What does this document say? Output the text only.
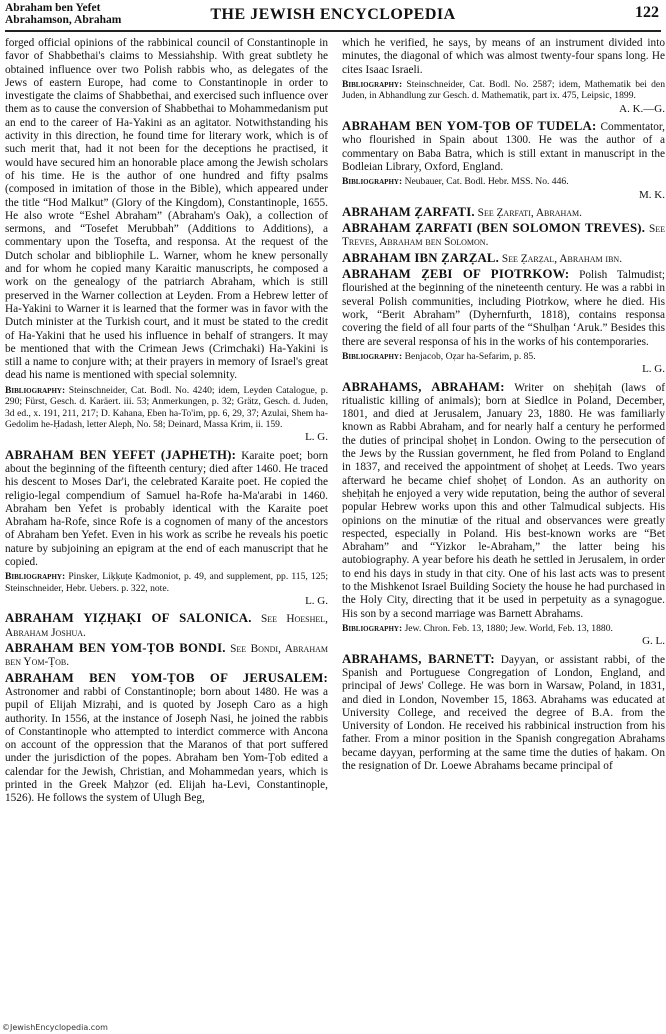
Abraham ben Yefet
Abrahamson, Abraham	THE JEWISH ENCYCLOPEDIA	122

forged official opinions of the rabbinical council of Constantinople in favor of Shabbethai's claims to Messiahship. With great subtlety he obtained influence over two Polish rabbis who, as delegates of the Jews of eastern Europe, had come to Constantinople in order to investigate the claims of Shabbethai, and exercised such influence over them as to cause the conversion of Shabbethai to Mohammedanism put an end to the career of Ha-Yakini as an agitator. Notwithstanding his activity in this direction, he found time for literary work, which is of such merit that, had it not been for the deceptions he practised, it would have secured him an honorable place among the Jewish scholars of his time. He is the author of one hundred and fifty psalms (composed in imitation of those in the Bible), which appeared under the title “Hod Malkut” (Glory of the Kingdom), Constantinople, 1655. He also wrote “Eshel Abraham” (Abraham's Oak), a collection of sermons, and “Tosefet Merubbah” (Additions to Additions), a commentary upon the Tosefta, and responsa. At the request of the Dutch scholar and bibliophile L. Warner, whom he knew personally and for whom he copied many Karaitic manuscripts, he composed a work on the genealogy of the patriarch Abraham, which is still preserved in the Warner collection at Leyden. From a Hebrew letter of Ha-Yakini to Warner it is learned that the former was in favor with the Dutch minister at the Turkish court, and it must be stated to the credit of Ha-Yakini that he used his influence in behalf of strangers. It may be mentioned that with the Crimean Jews (Crimchaki) Ha-Yakini is still a name to conjure with; at their prayers in memory of Israel's great dead his name is mentioned with special solemnity.

Bibliography: Steinschneider, Cat. Bodl. No. 4240; idem, Leyden Catalogue, p. 290; Fürst, Gesch. d. Karäert. iii. 53; Anmerkungen, p. 32; Grätz, Gesch. d. Juden, 3d ed., x. 191, 211, 217; D. Kahana, Eben ha-To'im, pp. 6, 29, 37; Azulai, Shem ha-Gedolim he-Ḥadash, letter Aleph, No. 58; Deinard, Massa Krim, ii. 159.

L. G.

ABRAHAM BEN YEFET (JAPHETH): Karaite poet; born about the beginning of the fifteenth century; died after 1460. He traced his descent to Moses Dar'i, the celebrated Karaite poet. He copied the religio-legal compendium of Samuel ha-Rofe ha-Ma'arabi in 1460. Abraham ben Yefet is probably identical with the Karaite poet Abraham ha-Rofe, since Rofe is a cognomen of many of the ancestors of Abraham ben Yefet. Even in his work as scribe he reveals his poetic nature by subjoining an epigram at the end of each manuscript that he copied.

Bibliography: Pinsker, Liḳḳuṭe Ḳadmoniot, p. 49, and supplement, pp. 115, 125; Steinschneider, Hebr. Uebers. p. 322, note.

L. G.

ABRAHAM YIẒḤAḲI OF SALONICA. See Hoeshel, Abraham Joshua.

ABRAHAM BEN YOM-ṬOB BONDI. See Bondi, Abraham ben Yom-Ṭob.

ABRAHAM BEN YOM-ṬOB OF JERUSALEM: Astronomer and rabbi of Constantinople; born about 1480. He was a pupil of Elijah Mizraḥi, and is quoted by Joseph Caro as a high authority. In 1556, at the instance of Joseph Nasi, he joined the rabbis of Constantinople who attempted to interdict commerce with Ancona on account of the oppression that the Maranos of that port suffered under the jurisdiction of the popes. Abraham ben Yom-Ṭob edited a calendar for the Jewish, Christian, and Mohammedan years, which is printed in the Greek Maḥzor (ed. Elijah ha-Levi, Constantinople, 1526). He follows the system of Ulugh Beg,

which he verified, he says, by means of an instrument divided into minutes, the diagonal of which was almost twenty-four spans long. He cites Isaac Israeli.

Bibliography: Steinschneider, Cat. Bodl. No. 2587; idem, Mathematik bei den Juden, in Abhandlung zur Gesch. d. Mathematik, part ix. 475, Leipsic, 1899.

A. K.—G.

ABRAHAM BEN YOM-ṬOB OF TUDELA: Commentator, who flourished in Spain about 1300. He was the author of a commentary on Baba Batra, which is still extant in manuscript in the Bodleian Library, Oxford, England.

Bibliography: Neubauer, Cat. Bodl. Hebr. MSS. No. 446.

M. K.

ABRAHAM ẒARFATI. See Ẓarfati, Abraham.

ABRAHAM ẒARFATI (BEN SOLOMON TREVES). See Treves, Abraham ben Solomon.

ABRAHAM IBN ẒARẒAL. See Ẓarẓal, Abraham ibn.

ABRAHAM ẒEBI OF PIOTRKOW: Polish Talmudist; flourished at the beginning of the nineteenth century. He was a rabbi in several Polish communities, including Piotrkow, where he died. His work, “Berit Abraham” (Dyhernfurth, 1818), contains responsa covering the field of all four parts of the “Shulḥan ‘Aruk.” Besides this there are several responsa of his in the works of his contemporaries.

Bibliography: Benjacob, Oẓar ha-Sefarim, p. 85.

L. G.

ABRAHAMS, ABRAHAM: Writer on sheḥiṭah (laws of ritualistic killing of animals); born at Siedlce in Poland, December, 1801, and died at Jerusalem, January 23, 1880. He was familiarly known as Rabbi Abraham, and for nearly half a century he performed the duties of principal shoḥeṭ in London. Owing to the persecution of the Jews by the Russian government, he fled from Poland to England in 1837, and received the appointment of shoḥeṭ at Leeds. Two years afterward he became chief shoḥeṭ of London. As an authority on sheḥiṭah he enjoyed a very wide reputation, being the author of several popular Hebrew works upon this and other Talmudical subjects. His opinions on the minutiæ of the ritual and observances were greatly respected, especially in Poland. His best-known works are “Bet Abraham” and “Yizkor le-Abraham,” the latter being his autobiography. A year before his death he settled in Jerusalem, in order to end his days in study in that city. One of his last acts was to present to the Mishkenot Israel Building Society the house he had purchased in the Holy City, directing that it be used in perpetuity as a synagogue. His son by a second marriage was Barnett Abrahams.

Bibliography: Jew. Chron. Feb. 13, 1880; Jew. World, Feb. 13, 1880.

G. L.

ABRAHAMS, BARNETT: Dayyan, or assistant rabbi, of the Spanish and Portuguese Congregation of London, England, and principal of Jews' College. He was born in Warsaw, Poland, in 1831, and died in London, November 15, 1863. Abrahams was educated at University College, and received the degree of B.A. from the University of London. He received his rabbinical instruction from his father. From a minor position in the Spanish congregation Abrahams became dayyan, performing at the same time the duties of ḥakam. On the resignation of Dr. Loewe Abrahams became principal of

©JewishEncyclopedia.com
